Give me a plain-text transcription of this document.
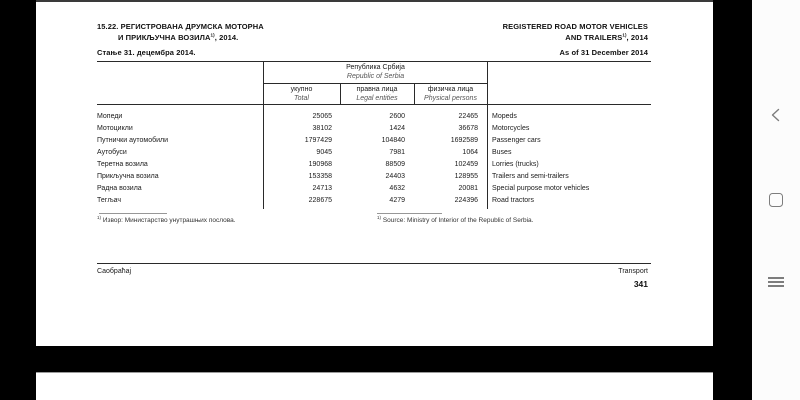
15.22. РЕГИСТРОВАНА ДРУМСКА МОТОРНА
И ПРИКЉУЧНА ВОЗИЛА$^{1)}$, 2014.
REGISTERED ROAD MOTOR VEHICLES
AND TRAILERS$^{1)}$, 2014
Стање 31. децембра 2014.	As of 31 December 2014
Република Србија
Republic of Serbia
укупно
Total
правна лица
Legal entities
физичка лица
Physical persons
Мопеди	25065	2600	22465 Mopeds
Мотоцикли	38102	1424	36678 Motorcycles
Путнички аутомобили	1797429	104840	1692589 Passenger cars
Аутобуси	9045	7981	1064 Buses
Теретна возила	190968	88509	102459 Lorries (trucks)
Прикључна возила	153358	24403	128955 Trailers and semi-trailers
Радна возила	24713	4632	20081 Special purpose motor vehicles
Тегљач	228675	4279	224396 Road tractors
$^{1)}$ Извор: Министарство унутрашњих послова.	$^{1)}$ Source: Ministry of Interior of the Republic of Serbia.
Саобраћај	Transport
341
